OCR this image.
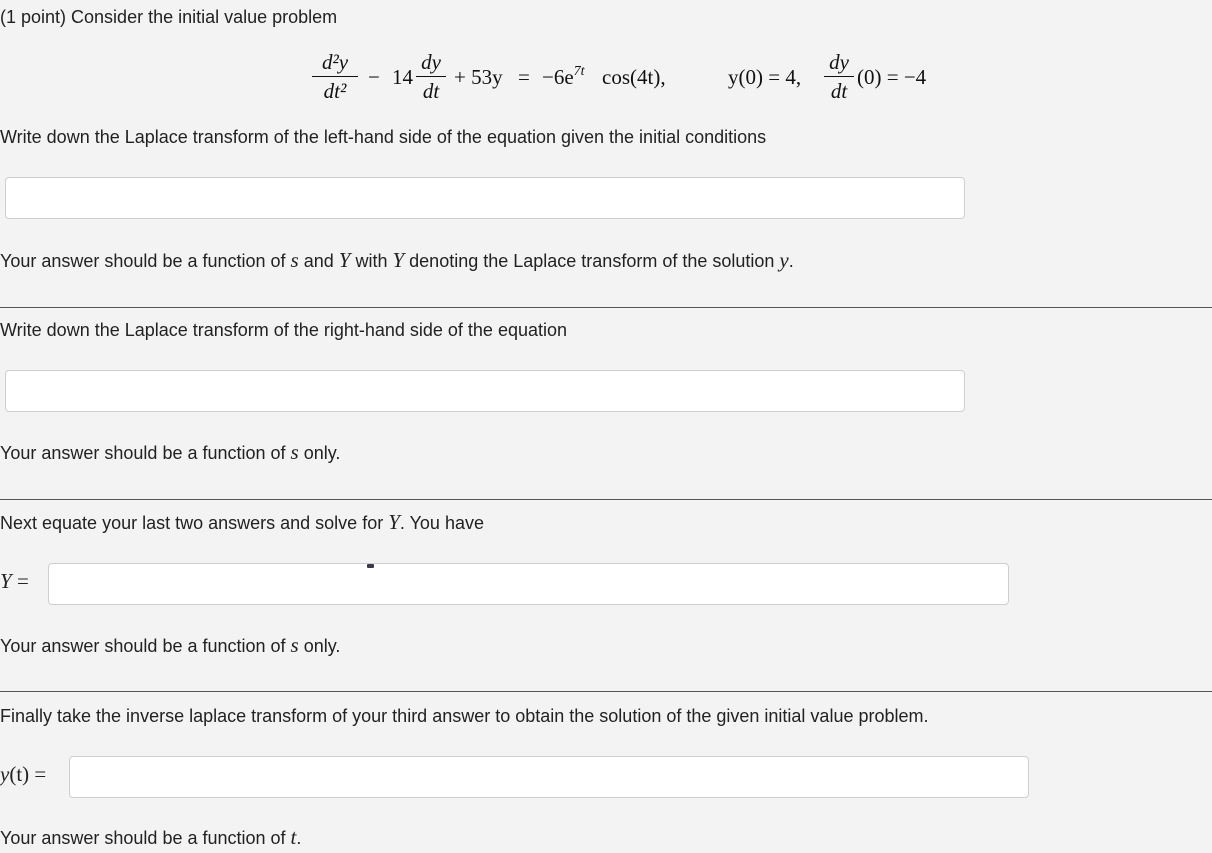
(1 point) Consider the initial value problem
d²y
dt²
− 14
dy
dt
+ $53y = -6e^{7t}$ cos(4t),	y(0) = 4,
dy
dt
(0) = −4
Write down the Laplace transform of the left-hand side of the equation given the initial conditions
Your answer should be a function of s and Y with Y denoting the Laplace transform of the solution y.
Write down the Laplace transform of the right-hand side of the equation
Your answer should be a function of s only.
Next equate your last two answers and solve for Y. You have
Y =
Your answer should be a function of s only.
Finally take the inverse laplace transform of your third answer to obtain the solution of the given initial value problem.
y(t) =
Your answer should be a function of t.
